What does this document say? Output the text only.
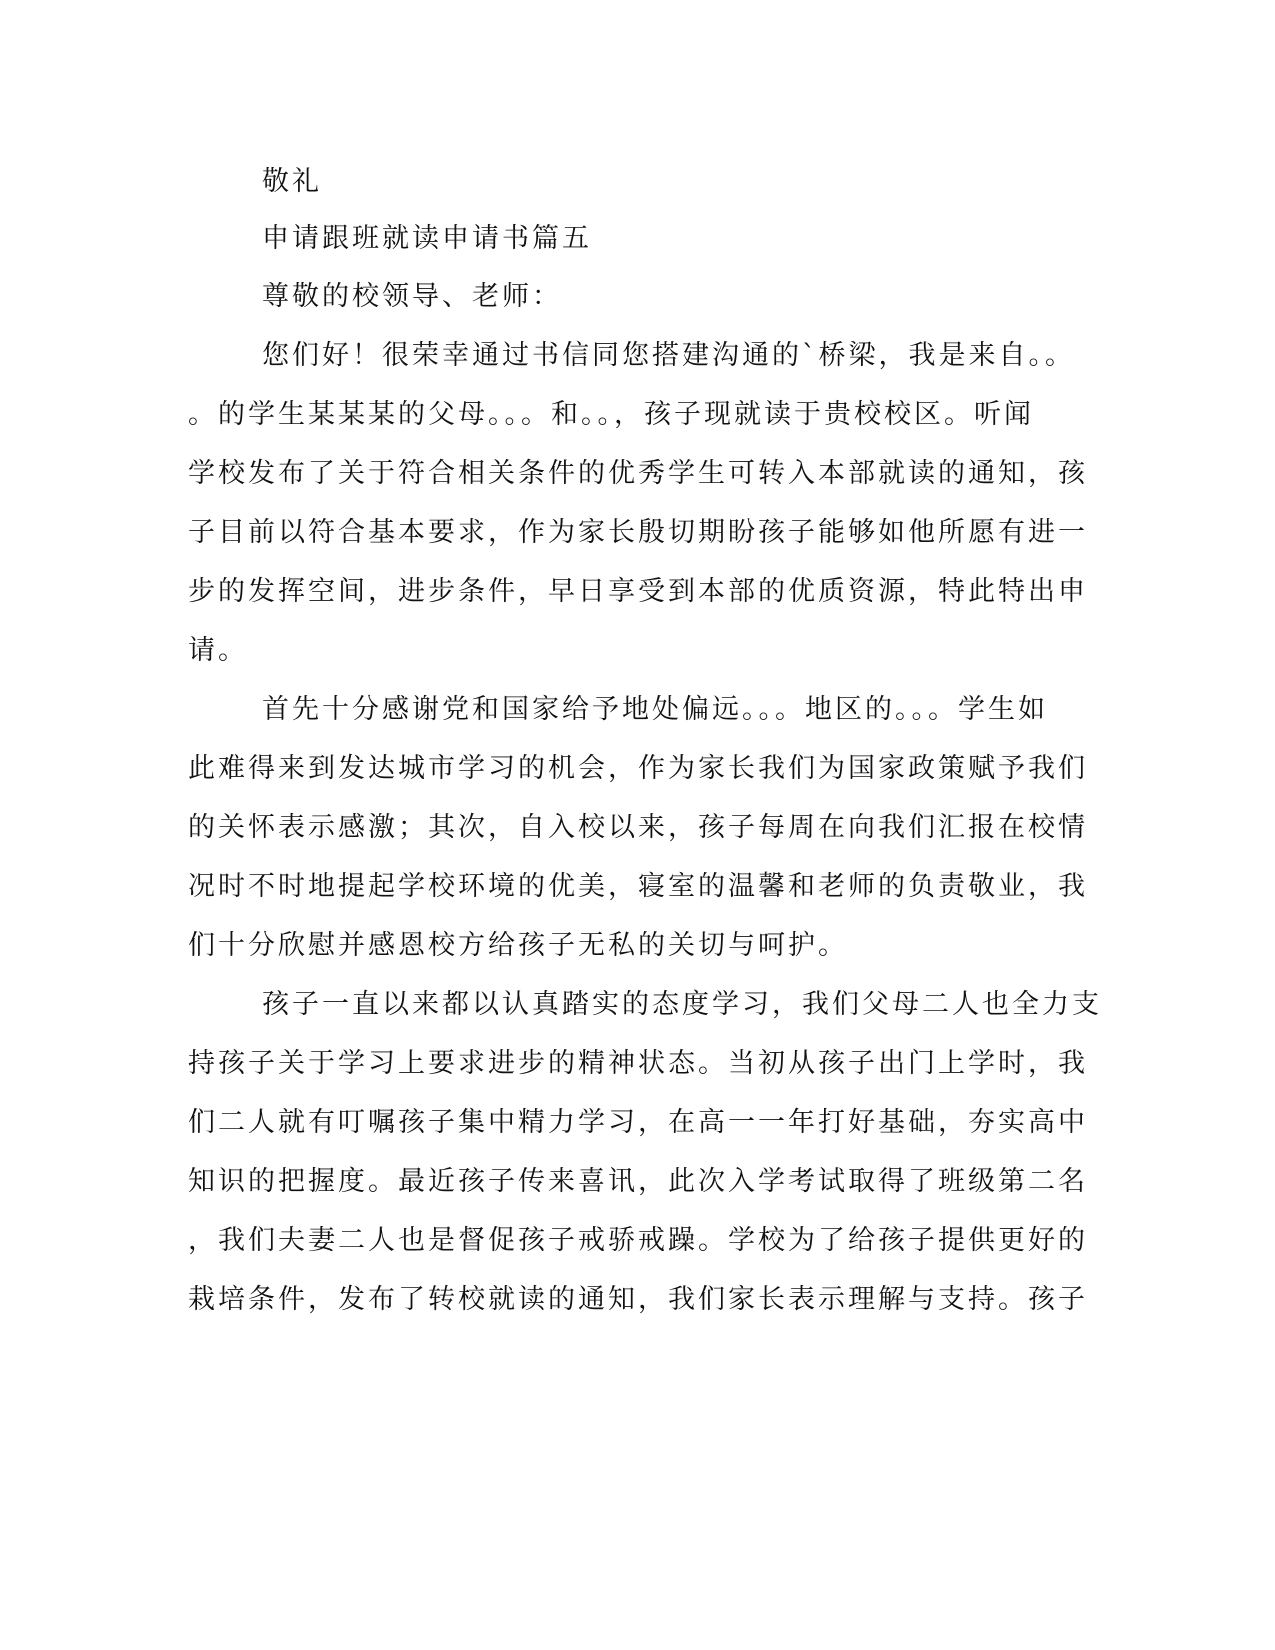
敬礼
申请跟班就读申请书篇五
尊敬的校领导、老师：
您们好！很荣幸通过书信同您搭建沟通的`桥梁，我是来自。。
。的学生某某某的父母。。。和。。，孩子现就读于贵校校区。听闻
学校发布了关于符合相关条件的优秀学生可转入本部就读的通知，孩
子目前以符合基本要求，作为家长殷切期盼孩子能够如他所愿有进一
步的发挥空间，进步条件，早日享受到本部的优质资源，特此特出申
请。
首先十分感谢党和国家给予地处偏远。。。地区的。。。学生如
此难得来到发达城市学习的机会，作为家长我们为国家政策赋予我们
的关怀表示感激；其次，自入校以来，孩子每周在向我们汇报在校情
况时不时地提起学校环境的优美，寝室的温馨和老师的负责敬业，我
们十分欣慰并感恩校方给孩子无私的关切与呵护。
孩子一直以来都以认真踏实的态度学习，我们父母二人也全力支
持孩子关于学习上要求进步的精神状态。当初从孩子出门上学时，我
们二人就有叮嘱孩子集中精力学习，在高一一年打好基础，夯实高中
知识的把握度。最近孩子传来喜讯，此次入学考试取得了班级第二名
，我们夫妻二人也是督促孩子戒骄戒躁。学校为了给孩子提供更好的
栽培条件，发布了转校就读的通知，我们家长表示理解与支持。孩子
